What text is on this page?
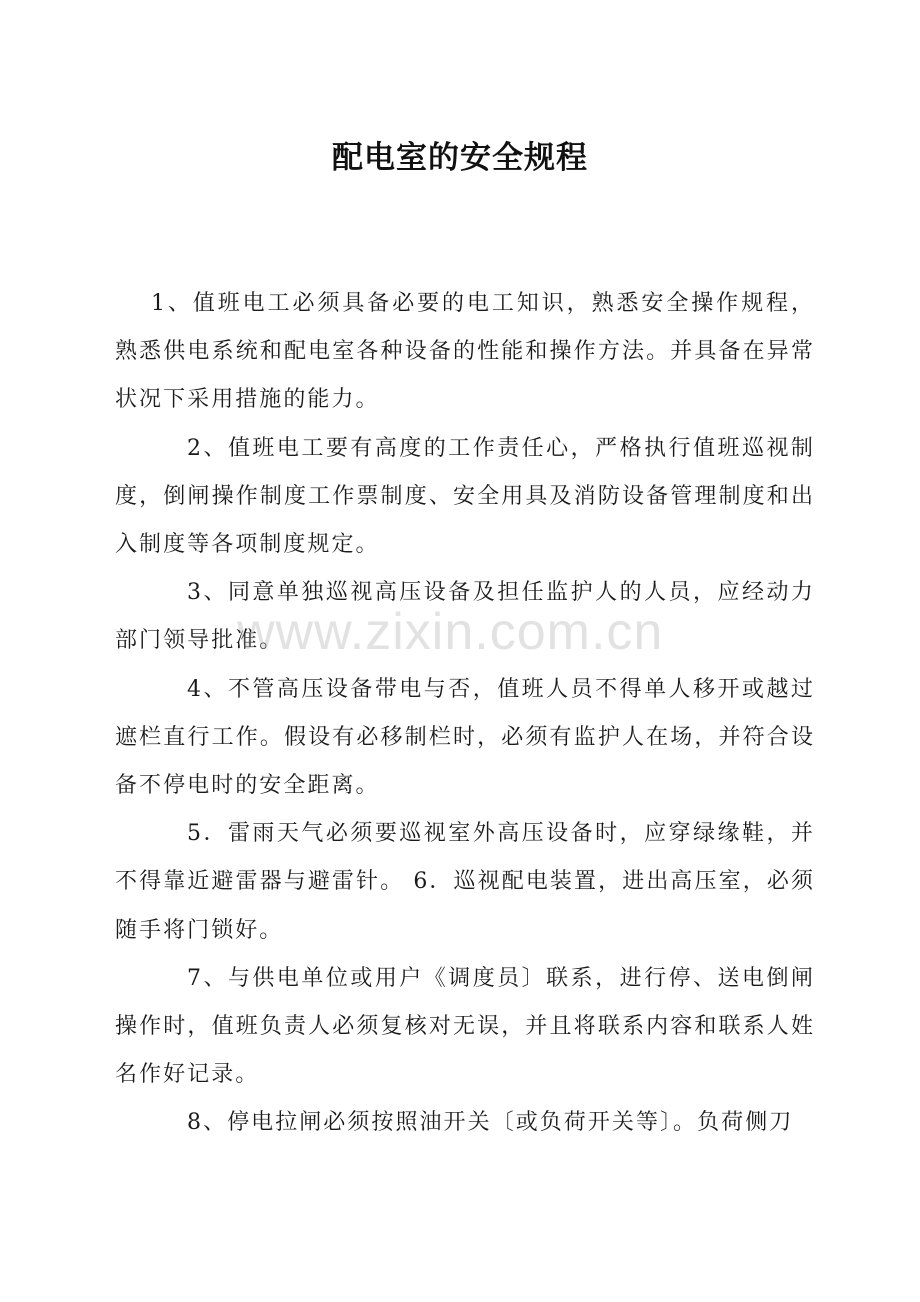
配电室的安全规程

1、值班电工必须具备必要的电工知识，熟悉安全操作规程，熟悉供电系统和配电室各种设备的性能和操作方法。并具备在异常状况下采用措施的能力。

2、值班电工要有高度的工作责任心，严格执行值班巡视制度，倒闸操作制度工作票制度、安全用具及消防设备管理制度和出入制度等各项制度规定。

3、同意单独巡视高压设备及担任监护人的人员，应经动力部门领导批准。

4、不管高压设备带电与否，值班人员不得单人移开或越过遮栏直行工作。假设有必移制栏时，必须有监护人在场，并符合设备不停电时的安全距离。

5．雷雨天气必须要巡视室外高压设备时，应穿绿缘鞋，并不得靠近避雷器与避雷针。 6．巡视配电装置，进出高压室，必须随手将门锁好。

7、与供电单位或用户《调度员〕联系，进行停、送电倒闸操作时，值班负责人必须复核对无误，并且将联系内容和联系人姓名作好记录。

8、停电拉闸必须按照油开关〔或负荷开关等〕。负荷侧刀

www.zixin.com.cn
